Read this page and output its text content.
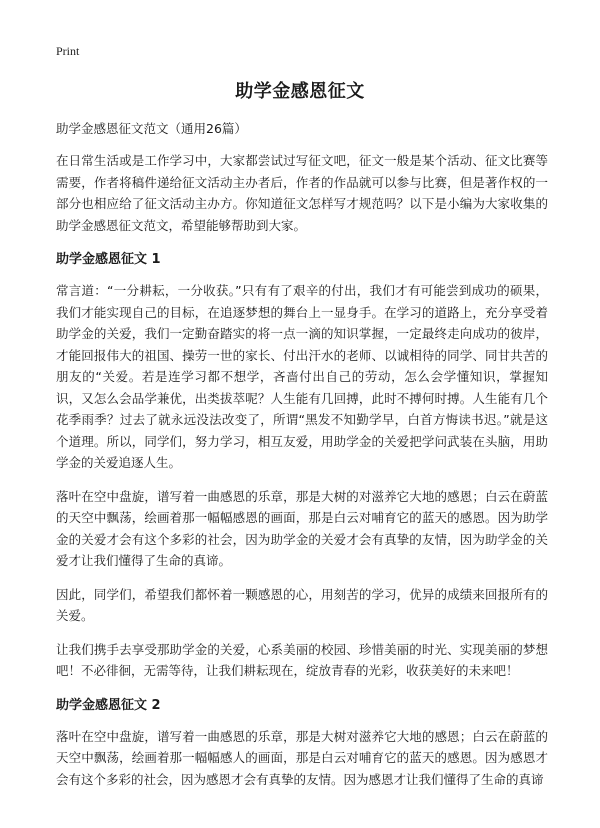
Print
助学金感恩征文

助学金感恩征文范文（通用26篇）

在日常生活或是工作学习中，大家都尝试过写征文吧，征文一般是某个活动、征文比赛等需要，作者将稿件递给征文活动主办者后，作者的作品就可以参与比赛，但是著作权的一部分也相应给了征文活动主办方。你知道征文怎样写才规范吗？以下是小编为大家收集的助学金感恩征文范文，希望能够帮助到大家。

助学金感恩征文 1

常言道：“一分耕耘，一分收获。”只有有了艰辛的付出，我们才有可能尝到成功的硕果，我们才能实现自己的目标，在追逐梦想的舞台上一显身手。在学习的道路上，充分享受着助学金的关爱，我们一定勤奋踏实的将一点一滴的知识掌握，一定最终走向成功的彼岸，才能回报伟大的祖国、操劳一世的家长、付出汗水的老师、以诚相待的同学、同甘共苦的朋友的“关爱。若是连学习都不想学，吝啬付出自己的劳动，怎么会学懂知识，掌握知识，又怎么会品学兼优，出类拔萃呢？人生能有几回搏，此时不搏何时搏。人生能有几个花季雨季？过去了就永远没法改变了，所谓“黑发不知勤学早，白首方悔读书迟。”就是这个道理。所以，同学们，努力学习，相互友爱，用助学金的关爱把学问武装在头脑，用助学金的关爱追逐人生。

落叶在空中盘旋，谱写着一曲感恩的乐章，那是大树的对滋养它大地的感恩；白云在蔚蓝的天空中飘荡，绘画着那一幅幅感恩的画面，那是白云对哺育它的蓝天的感恩。因为助学金的关爱才会有这个多彩的社会，因为助学金的关爱才会有真挚的友情，因为助学金的关爱才让我们懂得了生命的真谛。

因此，同学们，希望我们都怀着一颗感恩的心，用刻苦的学习，优异的成绩来回报所有的关爱。

让我们携手去享受那助学金的关爱，心系美丽的校园、珍惜美丽的时光、实现美丽的梦想吧！不必徘徊，无需等待，让我们耕耘现在，绽放青春的光彩，收获美好的未来吧！

助学金感恩征文 2

落叶在空中盘旋，谱写着一曲感恩的乐章，那是大树对滋养它大地的感恩；白云在蔚蓝的天空中飘荡，绘画着那一幅幅感人的画面，那是白云对哺育它的蓝天的感恩。因为感恩才会有这个多彩的社会，因为感恩才会有真挚的友情。因为感恩才让我们懂得了生命的真谛
